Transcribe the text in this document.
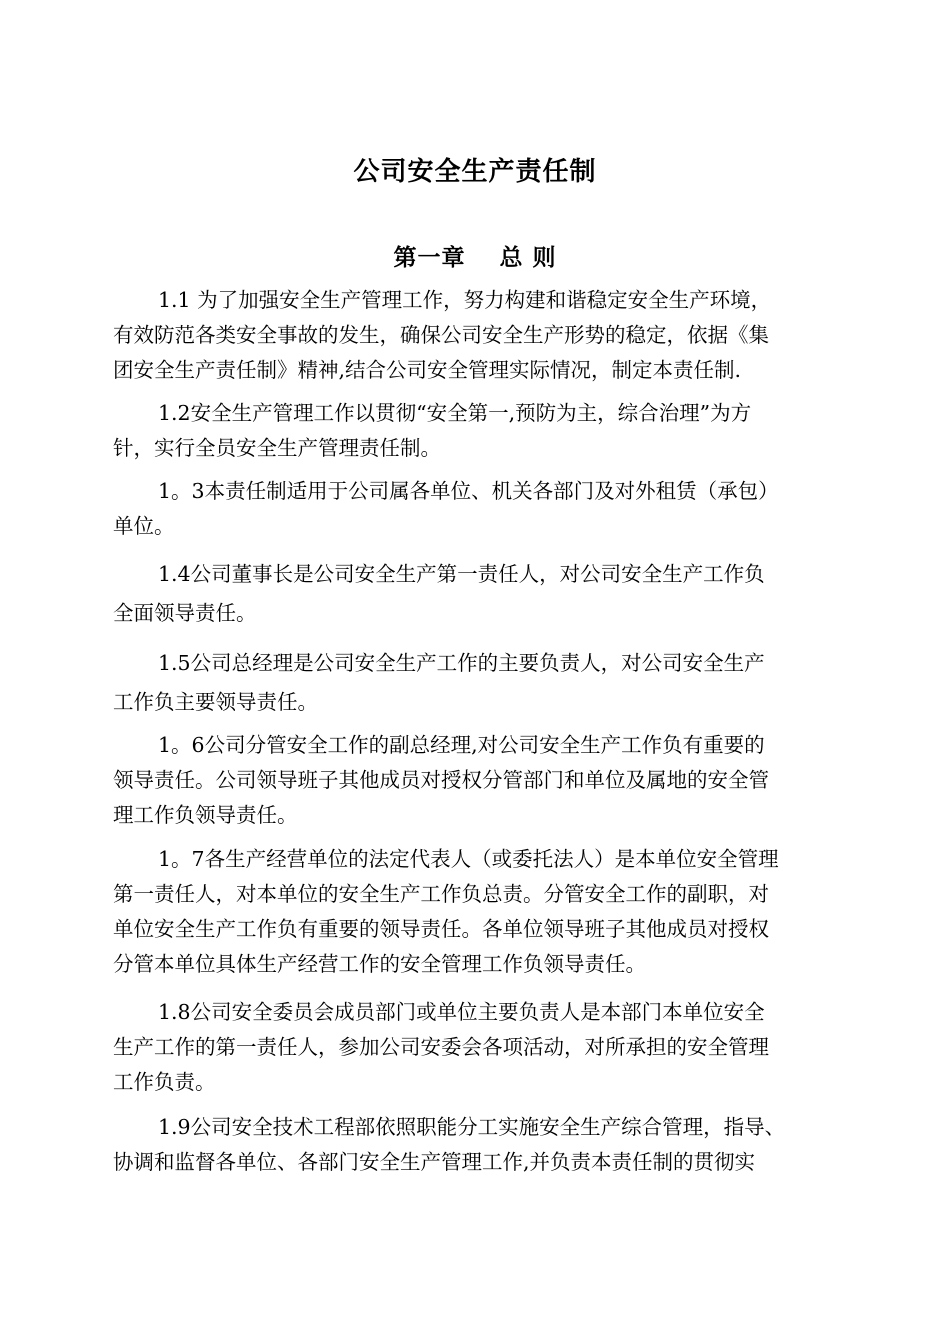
公司安全生产责任制
第一章 总 则

1.1 为了加强安全生产管理工作，努力构建和谐稳定安全生产环境，
有效防范各类安全事故的发生，确保公司安全生产形势的稳定，依据《集
团安全生产责任制》精神,结合公司安全管理实际情况，制定本责任制.

1.2安全生产管理工作以贯彻“安全第一,预防为主，综合治理”为方
针，实行全员安全生产管理责任制。

1。3本责任制适用于公司属各单位、机关各部门及对外租赁（承包）
单位。

1.4公司董事长是公司安全生产第一责任人，对公司安全生产工作负
全面领导责任。

1.5公司总经理是公司安全生产工作的主要负责人，对公司安全生产
工作负主要领导责任。

1。6公司分管安全工作的副总经理,对公司安全生产工作负有重要的
领导责任。公司领导班子其他成员对授权分管部门和单位及属地的安全管
理工作负领导责任。

1。7各生产经营单位的法定代表人（或委托法人）是本单位安全管理
第一责任人，对本单位的安全生产工作负总责。分管安全工作的副职，对
单位安全生产工作负有重要的领导责任。各单位领导班子其他成员对授权
分管本单位具体生产经营工作的安全管理工作负领导责任。

1.8公司安全委员会成员部门或单位主要负责人是本部门本单位安全
生产工作的第一责任人，参加公司安委会各项活动，对所承担的安全管理
工作负责。

1.9公司安全技术工程部依照职能分工实施安全生产综合管理，指导、
协调和监督各单位、各部门安全生产管理工作,并负责本责任制的贯彻实
